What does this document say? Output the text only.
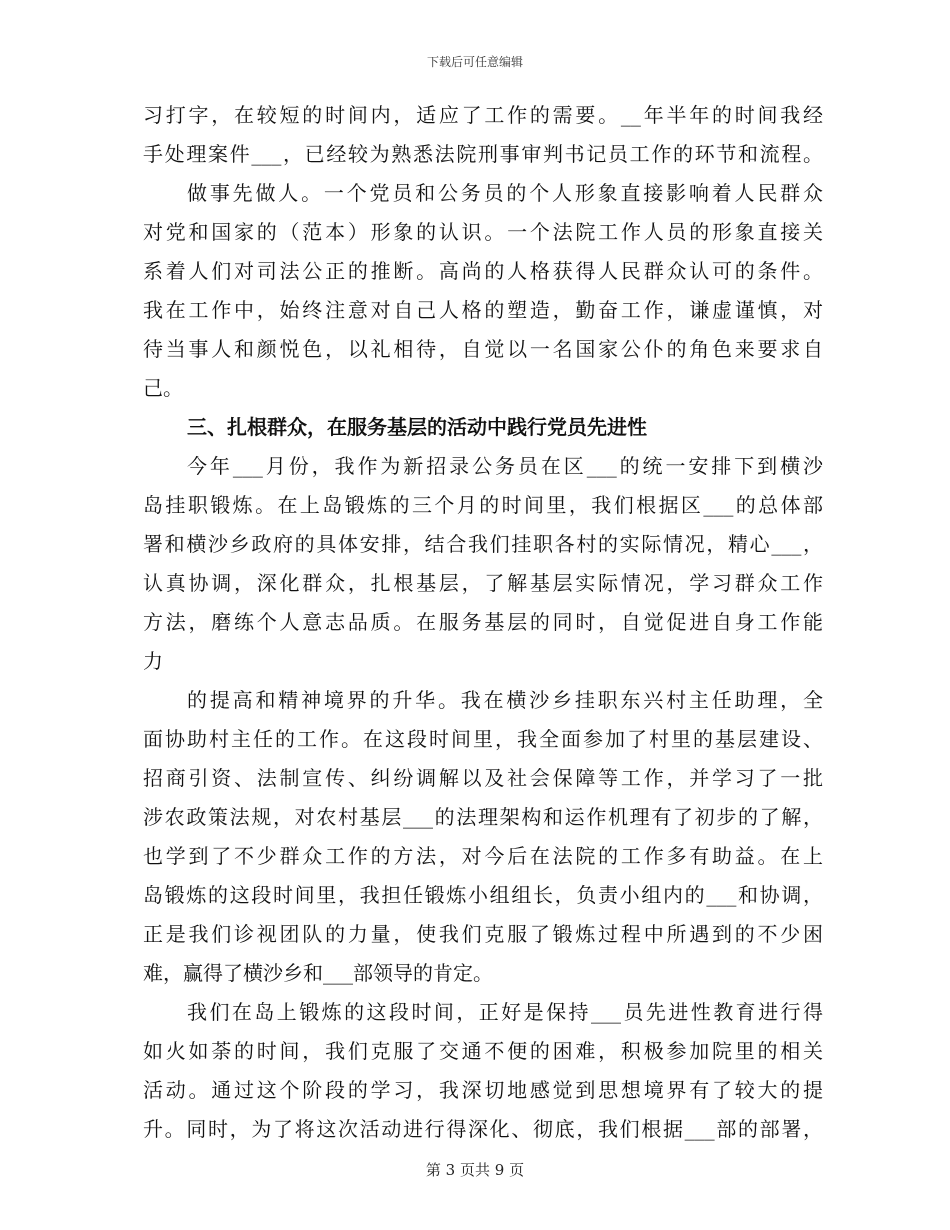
下载后可任意编辑
习打字，在较短的时间内，适应了工作的需要。__年半年的时间我经
手处理案件___，已经较为熟悉法院刑事审判书记员工作的环节和流程。
做事先做人。一个党员和公务员的个人形象直接影响着人民群众
对党和国家的（范本）形象的认识。一个法院工作人员的形象直接关
系着人们对司法公正的推断。高尚的人格获得人民群众认可的条件。
我在工作中，始终注意对自己人格的塑造，勤奋工作，谦虚谨慎，对
待当事人和颜悦色，以礼相待，自觉以一名国家公仆的角色来要求自
己。
三、扎根群众，在服务基层的活动中践行党员先进性
今年___月份，我作为新招录公务员在区___的统一安排下到横沙
岛挂职锻炼。在上岛锻炼的三个月的时间里，我们根据区___的总体部
署和横沙乡政府的具体安排，结合我们挂职各村的实际情况，精心___，
认真协调，深化群众，扎根基层，了解基层实际情况，学习群众工作
方法，磨练个人意志品质。在服务基层的同时，自觉促进自身工作能
力
的提高和精神境界的升华。我在横沙乡挂职东兴村主任助理，全
面协助村主任的工作。在这段时间里，我全面参加了村里的基层建设、
招商引资、法制宣传、纠纷调解以及社会保障等工作，并学习了一批
涉农政策法规，对农村基层___的法理架构和运作机理有了初步的了解，
也学到了不少群众工作的方法，对今后在法院的工作多有助益。在上
岛锻炼的这段时间里，我担任锻炼小组组长，负责小组内的___和协调，
正是我们诊视团队的力量，使我们克服了锻炼过程中所遇到的不少困
难，赢得了横沙乡和___部领导的肯定。
我们在岛上锻炼的这段时间，正好是保持___员先进性教育进行得
如火如荼的时间，我们克服了交通不便的困难，积极参加院里的相关
活动。通过这个阶段的学习，我深切地感觉到思想境界有了较大的提
升。同时，为了将这次活动进行得深化、彻底，我们根据___部的部署，
第 3 页共 9 页
